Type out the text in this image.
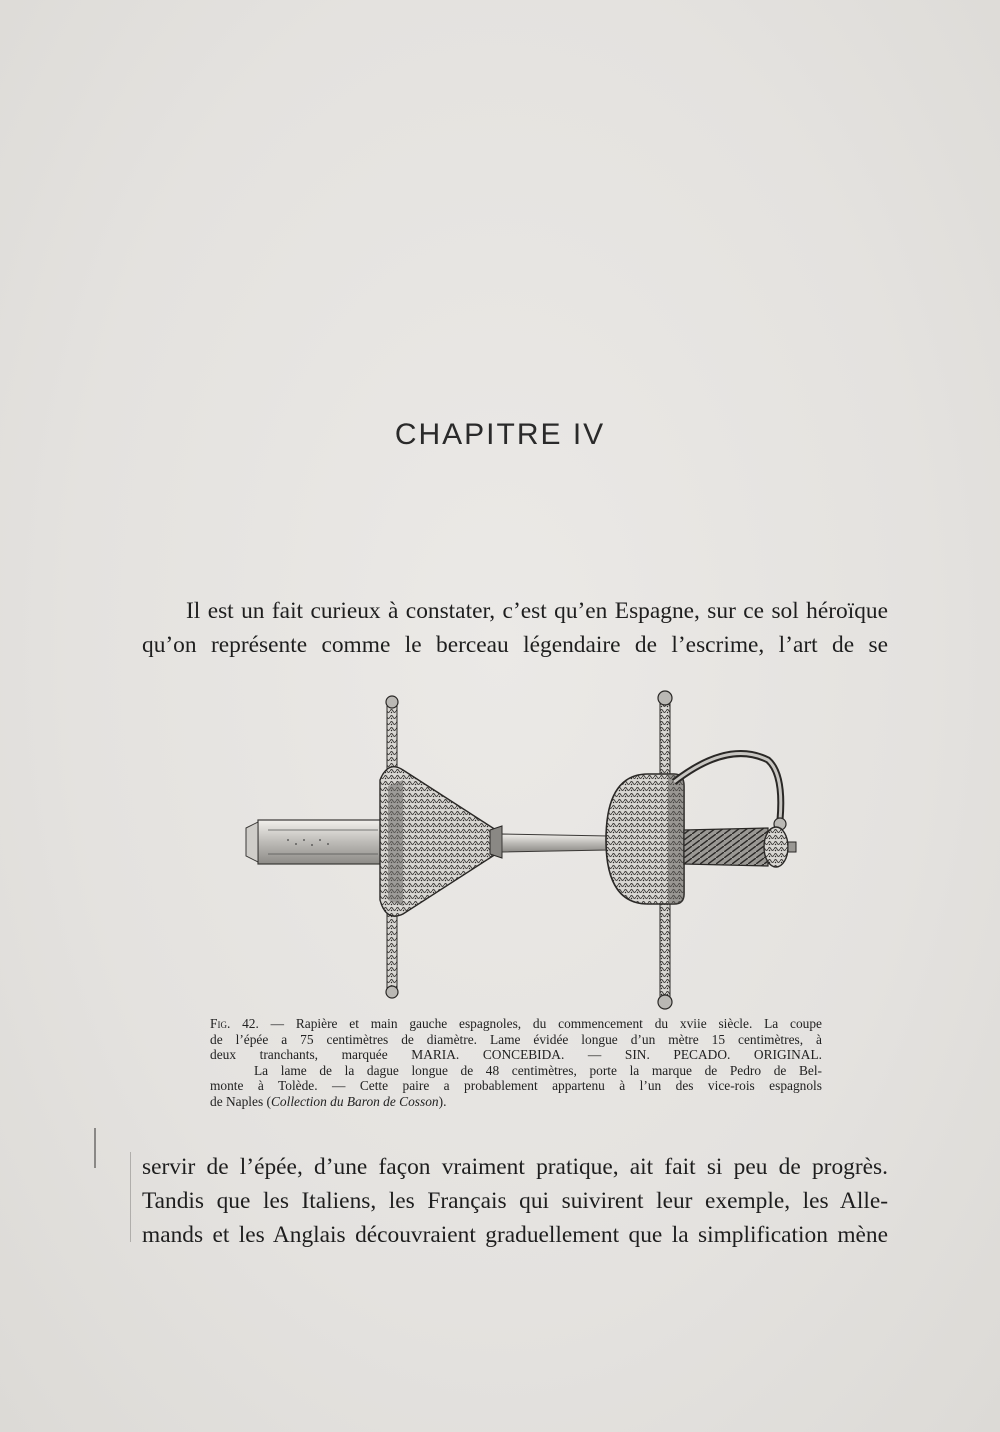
CHAPITRE IV
Il est un fait curieux à constater, c’est qu’en Espagne, sur ce sol héroïque
qu’on représente comme le berceau légendaire de l’escrime, l’art de se
Fig. 42. — Rapière et main gauche espagnoles, du commencement du xviie siècle. La coupe
de l’épée a 75 centimètres de diamètre. Lame évidée longue d’un mètre 15 centimètres, à
deux tranchants, marquée MARIA. CONCEBIDA. — SIN. PECADO. ORIGINAL.
La lame de la dague longue de 48 centimètres, porte la marque de Pedro de Bel-
monte à Tolède. — Cette paire a probablement appartenu à l’un des vice-rois espagnols
de Naples (Collection du Baron de Cosson).
servir de l’épée, d’une façon vraiment pratique, ait fait si peu de progrès.
Tandis que les Italiens, les Français qui suivirent leur exemple, les Alle-
mands et les Anglais découvraient graduellement que la simplification mène
